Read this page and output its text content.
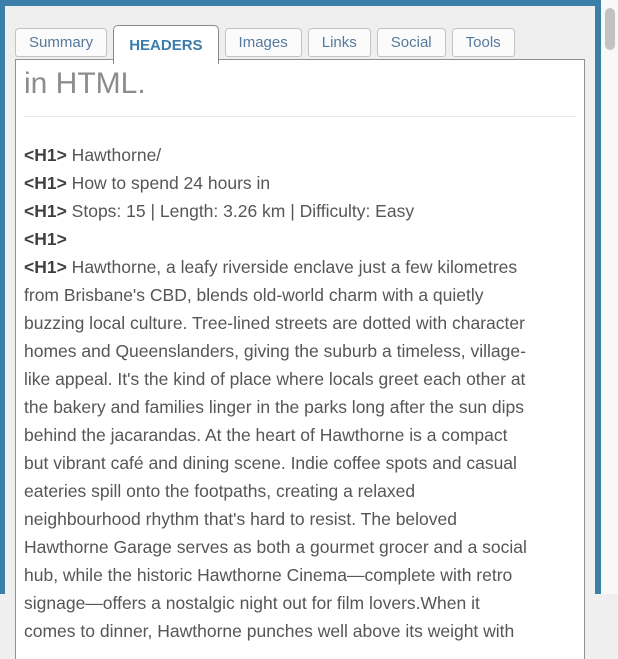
Summary	HEADERS	Images	Links	Social	Tools
in HTML.
<H1> Hawthorne/
<H1> How to spend 24 hours in
<H1> Stops: 15 | Length: 3.26 km | Difficulty: Easy
<H1>
<H1> Hawthorne, a leafy riverside enclave just a few kilometres
from Brisbane's CBD, blends old-world charm with a quietly
buzzing local culture. Tree-lined streets are dotted with character
homes and Queenslanders, giving the suburb a timeless, village-
like appeal. It's the kind of place where locals greet each other at
the bakery and families linger in the parks long after the sun dips
behind the jacarandas. At the heart of Hawthorne is a compact
but vibrant café and dining scene. Indie coffee spots and casual
eateries spill onto the footpaths, creating a relaxed
neighbourhood rhythm that's hard to resist. The beloved
Hawthorne Garage serves as both a gourmet grocer and a social
hub, while the historic Hawthorne Cinema—complete with retro
signage—offers a nostalgic night out for film lovers.When it
comes to dinner, Hawthorne punches well above its weight with
